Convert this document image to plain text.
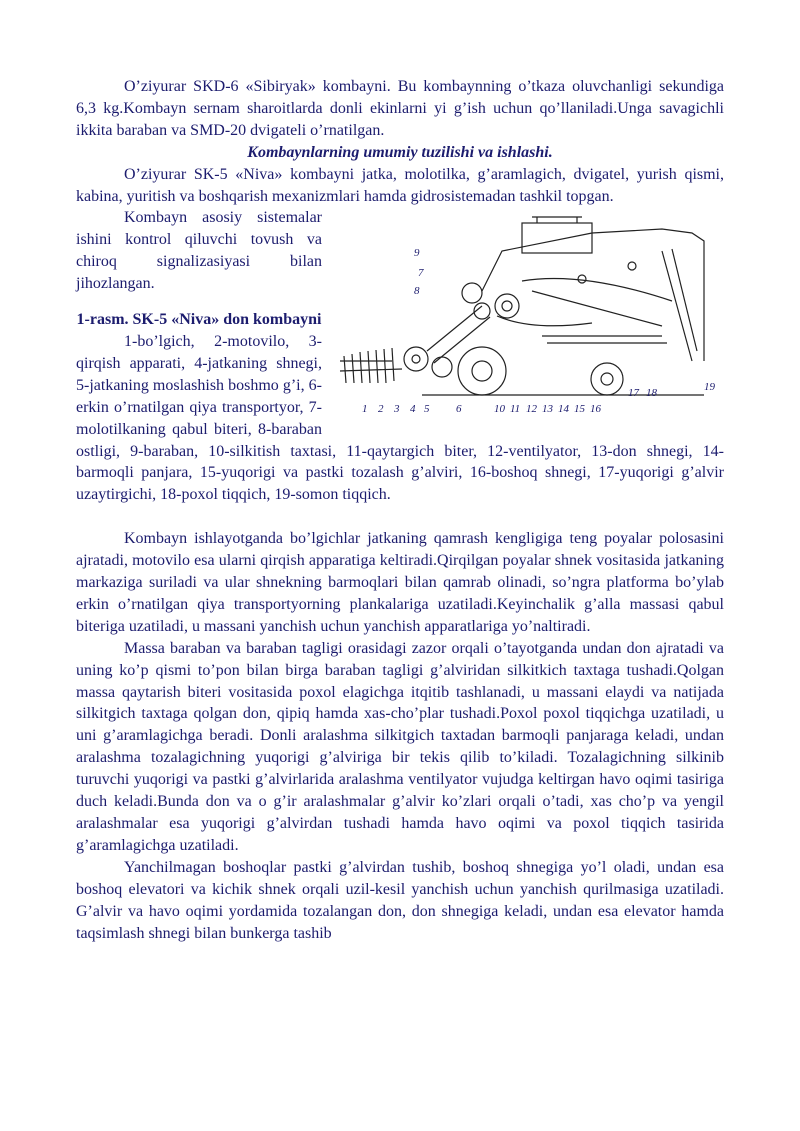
O’ziyurar SKD-6 «Sibiryak» kombayni. Bu kombaynning o’tkaza oluvchanligi sekundiga 6,3 kg.Kombayn sernam sharoitlarda donli ekinlarni yi g’ish uchun qo’llaniladi.Unga savagichli ikkita baraban va SMD-20 dvigateli o’rnatilgan.

Kombaynlarning umumiy tuzilishi va ishlashi.

O’ziyurar SK-5 «Niva» kombayni jatka, molotilka, g’aramlagich, dvigatel, yurish qismi, kabina, yuritish va boshqarish mexanizmlari hamda gidrosistemadan tashkil topgan.

9
7
8
1 2 3 4 5 6	10 11 12 13 14 15 16
17 18	19

Kombayn asosiy sistemalar ishini kontrol qiluvchi tovush va chiroq signalizasiyasi bilan jihozlangan.

1-rasm. SK-5 «Niva» don kombayni

1-bo’lgich, 2-motovilo, 3-qirqish apparati, 4-jatkaning shnegi, 5-jatkaning moslashish boshmo g’i, 6-erkin o’rnatilgan qiya transportyor, 7-molotilkaning qabul biteri, 8-baraban ostligi, 9-baraban, 10-silkitish taxtasi, 11-qaytargich biter, 12-ventilyator, 13-don shnegi, 14-barmoqli panjara, 15-yuqorigi va pastki tozalash g’alviri, 16-boshoq shnegi, 17-yuqorigi g’alvir uzaytirgichi, 18-poxol tiqqich, 19-somon tiqqich.

Kombayn ishlayotganda bo’lgichlar jatkaning qamrash kengligiga teng poyalar polosasini ajratadi, motovilo esa ularni qirqish apparatiga keltiradi.Qirqilgan poyalar shnek vositasida jatkaning markaziga suriladi va ular shnekning barmoqlari bilan qamrab olinadi, so’ngra platforma bo’ylab erkin o’rnatilgan qiya transportyorning plankalariga uzatiladi.Keyinchalik g’alla massasi qabul biteriga uzatiladi, u massani yanchish uchun yanchish apparatlariga yo’naltiradi.

Massa baraban va baraban tagligi orasidagi zazor orqali o’tayotganda undan don ajratadi va uning ko’p qismi to’pon bilan birga baraban tagligi g’alviridan silkitkich taxtaga tushadi.Qolgan massa qaytarish biteri vositasida poxol elagichga itqitib tashlanadi, u massani elaydi va natijada silkitgich taxtaga qolgan don, qipiq hamda xas-cho’plar tushadi.Poxol poxol tiqqichga uzatiladi, u uni g’aramlagichga beradi. Donli aralashma silkitgich taxtadan barmoqli panjaraga keladi, undan aralashma tozalagichning yuqorigi g’alviriga bir tekis qilib to’kiladi. Tozalagichning silkinib turuvchi yuqorigi va pastki g’alvirlarida aralashma ventilyator vujudga keltirgan havo oqimi tasiriga duch keladi.Bunda don va o g’ir aralashmalar g’alvir ko’zlari orqali o’tadi, xas cho’p va yengil aralashmalar esa yuqorigi g’alvirdan tushadi hamda havo oqimi va poxol tiqqich tasirida g’aramlagichga uzatiladi.

Yanchilmagan boshoqlar pastki g’alvirdan tushib, boshoq shnegiga yo’l oladi, undan esa boshoq elevatori va kichik shnek orqali uzil-kesil yanchish uchun yanchish qurilmasiga uzatiladi. G’alvir va havo oqimi yordamida tozalangan don, don shnegiga keladi, undan esa elevator hamda taqsimlash shnegi bilan bunkerga tashib
